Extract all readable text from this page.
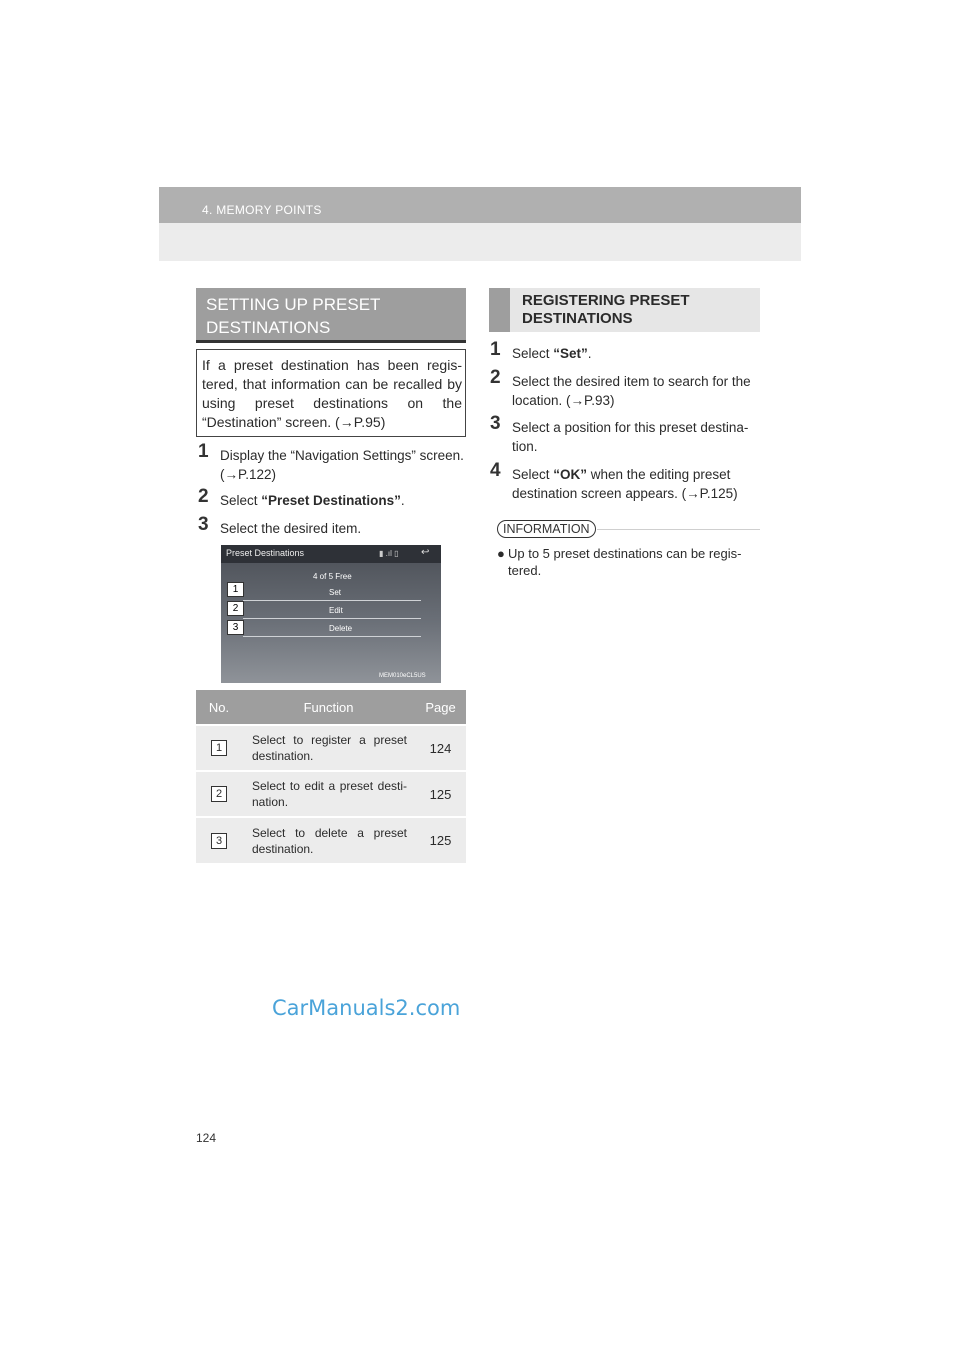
4. MEMORY POINTS
SETTING UP PRESET DESTINATIONS

If a preset destination has been regis-tered, that information can be recalled by using preset destinations on the “Destination” screen. (→P.95)

1 Display the “Navigation Settings” screen. (→P.122)
2 Select “Preset Destinations”.
3 Select the desired item.
Preset Destinations	▮ .ıl ▯ ↩
4 of 5 Free
Set
Edit
Delete
1
2
3
MEM010eCL5US
No.	Function	Page
1	Select to register a preset destination.	124
2	Select to edit a preset desti-nation.	125
3	Select to delete a preset destination.	125
REGISTERING PRESET DESTINATIONS
1 Select “Set”.
2 Select the desired item to search for the location. (→P.93)
3 Select a position for this preset destina-tion.
4 Select “OK” when the editing preset destination screen appears. (→P.125)
INFORMATION
● Up to 5 preset destinations can be regis-tered.
CarManuals2.com
124
